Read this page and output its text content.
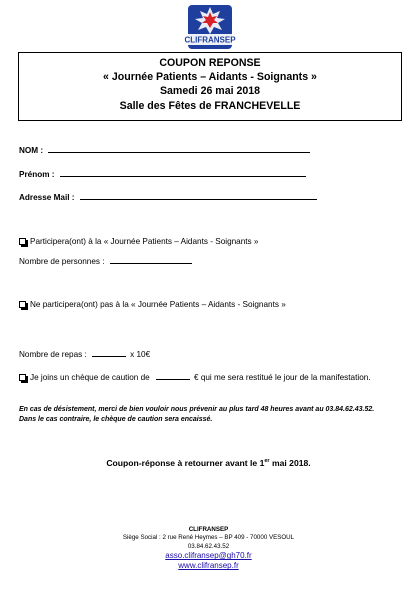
CLIFRANSEP
COUPON REPONSE
« Journée Patients – Aidants - Soignants »
Samedi 26 mai 2018
Salle des Fêtes de FRANCHEVELLE
NOM :
Prénom :
Adresse Mail :
Participera(ont) à la « Journée Patients – Aidants - Soignants »
Nombre de personnes :
Ne participera(ont) pas à la « Journée Patients – Aidants - Soignants »
Nombre de repas :	x 10€
Je joins un chèque de caution de	€ qui me sera restitué le jour de la manifestation.
En cas de désistement, merci de bien vouloir nous prévenir au plus tard 48 heures avant au 03.84.62.43.52.
Dans le cas contraire, le chèque de caution sera encaissé.
Coupon-réponse à retourner avant le 1er mai 2018.
CLIFRANSEP
Siège Social : 2 rue René Heymes – BP 409 - 70000 VESOUL
03.84.62.43.52
asso.clifransep@gh70.fr
www.clifransep.fr
